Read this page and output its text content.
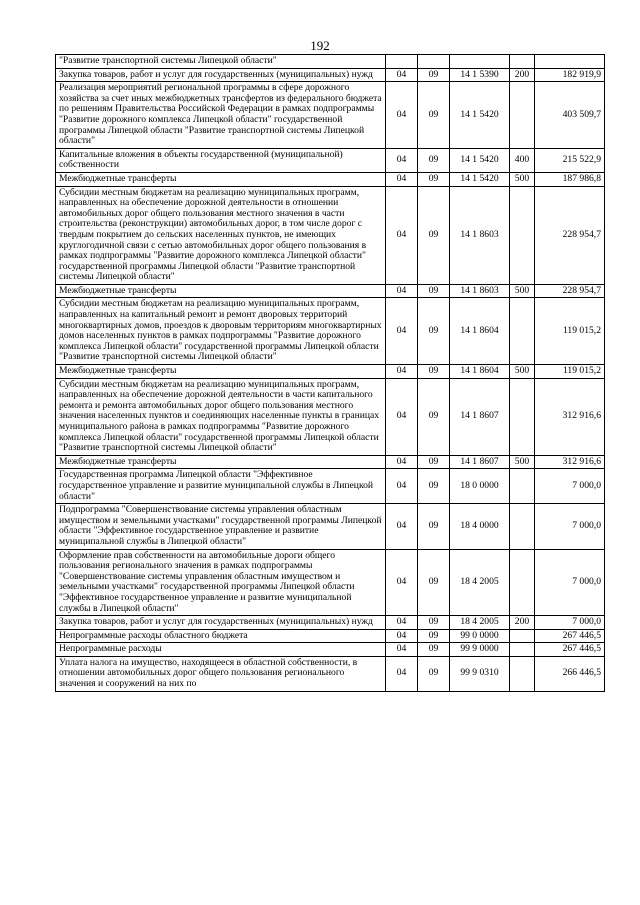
192
"Развитие транспортной системы Липецкой области"					
Закупка товаров, работ и услуг для государственных (муниципальных) нужд	04	09	14 1 5390	200	182 919,9
Реализация мероприятий региональной программы в сфере дорожного хозяйства за счет иных межбюджетных трансфертов из федерального бюджета по решениям Правительства Российской Федерации в рамках подпрограммы "Развитие дорожного комплекса Липецкой области" государственной программы Липецкой области "Развитие транспортной системы Липецкой области"	04	09	14 1 5420		403 509,7
Капитальные вложения в объекты государственной (муниципальной) собственности	04	09	14 1 5420	400	215 522,9
Межбюджетные трансферты	04	09	14 1 5420	500	187 986,8
Субсидии местным бюджетам на реализацию муниципальных программ, направленных на обеспечение дорожной деятельности в отношении автомобильных дорог общего пользования местного значения в части строительства (реконструкции) автомобильных дорог, в том числе дорог с твердым покрытием до сельских населенных пунктов, не имеющих круглогодичной связи с сетью автомобильных дорог общего пользования в рамках подпрограммы "Развитие дорожного комплекса Липецкой области" государственной программы Липецкой области "Развитие транспортной системы Липецкой области"	04	09	14 1 8603		228 954,7
Межбюджетные трансферты	04	09	14 1 8603	500	228 954,7
Субсидии местным бюджетам на реализацию муниципальных программ, направленных на капитальный ремонт и ремонт дворовых территорий многоквартирных домов, проездов к дворовым территориям многоквартирных домов населенных пунктов в рамках подпрограммы "Развитие дорожного комплекса Липецкой области" государственной программы Липецкой области "Развитие транспортной системы Липецкой области"	04	09	14 1 8604		119 015,2
Межбюджетные трансферты	04	09	14 1 8604	500	119 015,2
Субсидии местным бюджетам на реализацию муниципальных программ, направленных на обеспечение дорожной деятельности в части капитального ремонта и ремонта автомобильных дорог общего пользования местного значения населенных пунктов и соединяющих населенные пункты в границах муниципального района в рамках подпрограммы "Развитие дорожного комплекса Липецкой области" государственной программы Липецкой области "Развитие транспортной системы Липецкой области"	04	09	14 1 8607		312 916,6
Межбюджетные трансферты	04	09	14 1 8607	500	312 916,6
Государственная программа Липецкой области "Эффективное государственное управление и развитие муниципальной службы в Липецкой области"	04	09	18 0 0000		7 000,0
Подпрограмма "Совершенствование системы управления областным имуществом и земельными участками" государственной программы Липецкой области "Эффективное государственное управление и развитие муниципальной службы в Липецкой области"	04	09	18 4 0000		7 000,0
Оформление прав собственности на автомобильные дороги общего пользования регионального значения в рамках подпрограммы "Совершенствование системы управления областным имуществом и земельными участками" государственной программы Липецкой области "Эффективное государственное управление и развитие муниципальной службы в Липецкой области"	04	09	18 4 2005		7 000,0
Закупка товаров, работ и услуг для государственных (муниципальных) нужд	04	09	18 4 2005	200	7 000,0
Непрограммные расходы областного бюджета	04	09	99 0 0000		267 446,5
Непрограммные расходы	04	09	99 9 0000		267 446,5
Уплата налога на имущество, находящееся в областной собственности, в отношении автомобильных дорог общего пользования регионального значения и сооружений на них по	04	09	99 9 0310		266 446,5
